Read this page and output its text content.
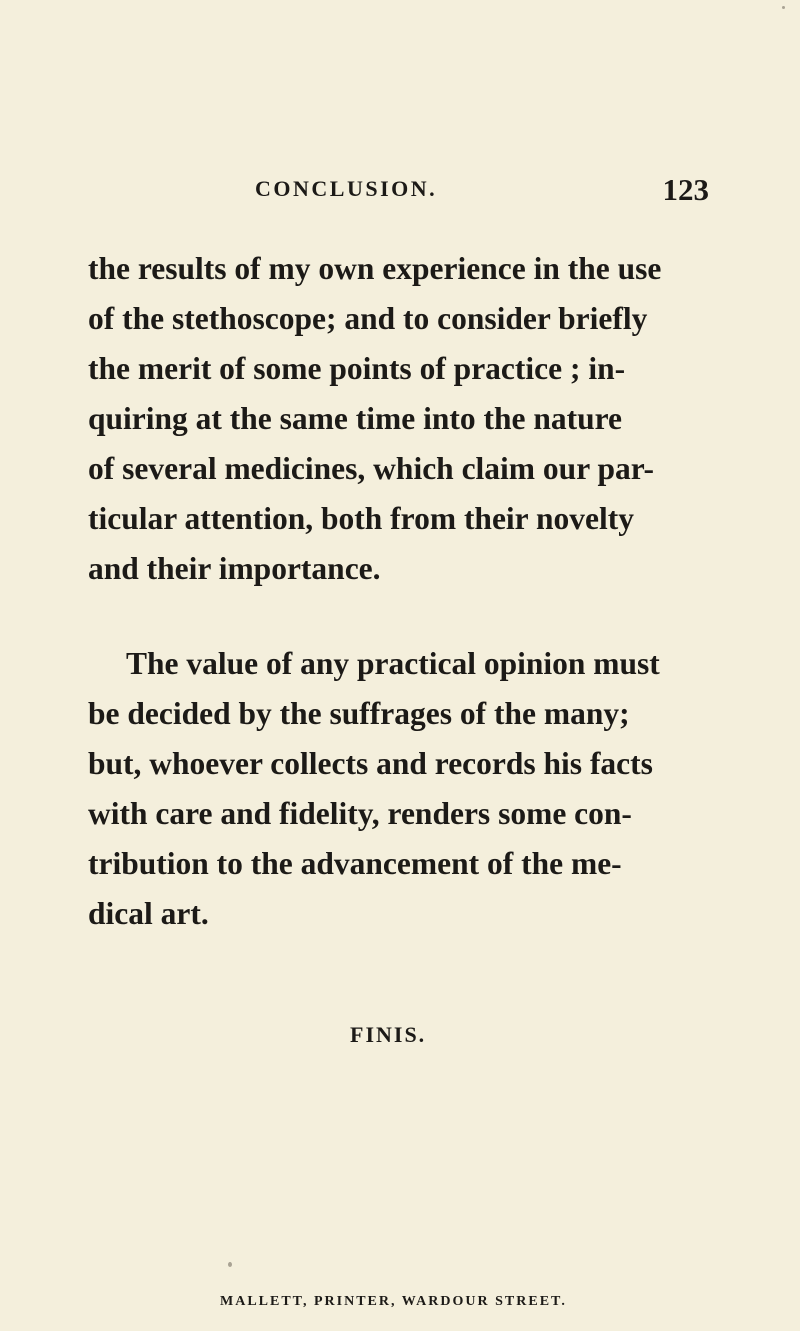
CONCLUSION.	123
the results of my own experience in the use
of the stethoscope; and to consider briefly
the merit of some points of practice ; in-
quiring at the same time into the nature
of several medicines, which claim our par-
ticular attention, both from their novelty
and their importance.
The value of any practical opinion must
be decided by the suffrages of the many;
but, whoever collects and records his facts
with care and fidelity, renders some con-
tribution to the advancement of the me-
dical art.
FINIS.
MALLETT, PRINTER, WARDOUR STREET.
